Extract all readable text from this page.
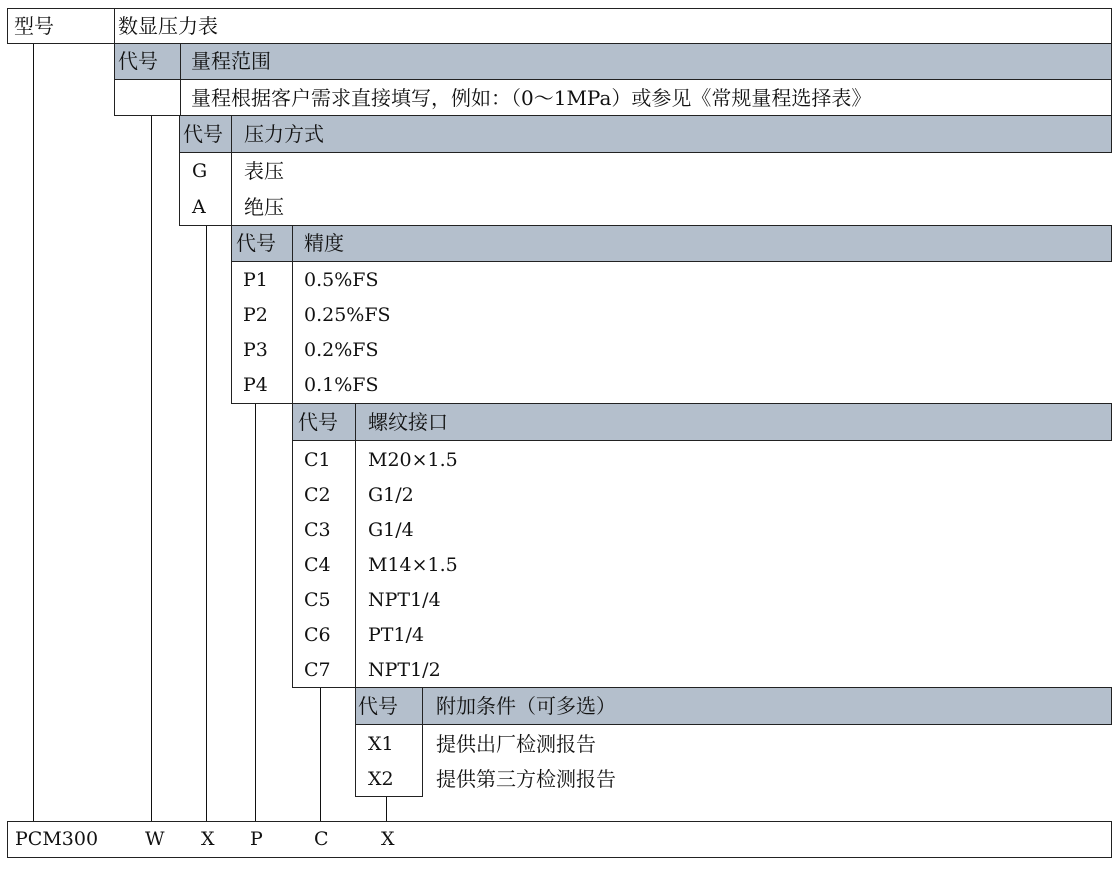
型号	数显压力表
代号 量程范围
量程根据客户需求直接填写，例如：（0～1MPa）或参见《常规量程选择表》
代号 压力方式
G 表压
A 绝压
代号 精度
P1 0.5%FS
P2 0.25%FS
P3 0.2%FS
P4 0.1%FS
代号 螺纹接口
C1 M20×1.5
C2 G1/2
C3 G1/4
C4 M14×1.5
C5 NPT1/4
C6 PT1/4
C7 NPT1/2
代号 附加条件（可多选）
X1 提供出厂检测报告
X2 提供第三方检测报告
PCM300 W X P	C	X
